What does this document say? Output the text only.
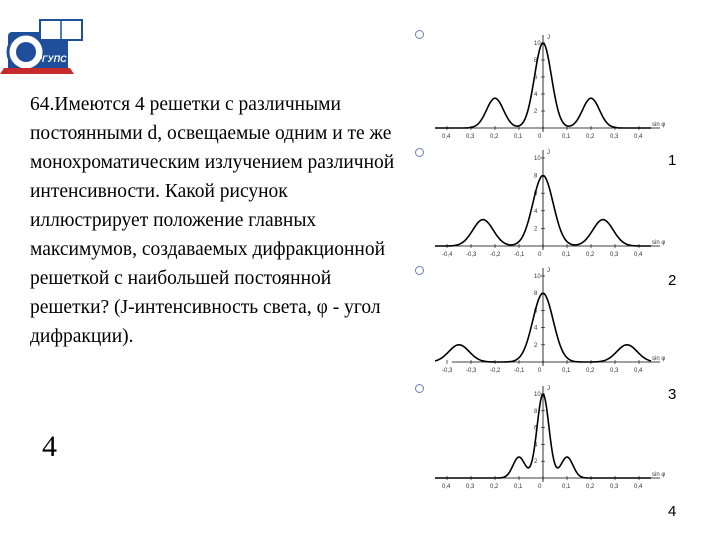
РГУПС
64.Имеются 4 решетки с различными постоянными d, освещаемые одним и те же монохроматическим излучением различной интенсивности. Какой рисунок иллюстрирует положение главных максимумов, создаваемых дифракционной решеткой с наибольшей постоянной решетки? (J-интенсивность света, φ - угол дифракции).
4
1
2
3
4
J
sin φ
10
8
6
4
2
0,4	0,3	0,2	0,1	0	0,1	0,2	0,3	0,4
J
sin φ
10
8
6
4
2
-0,4 -0,3 -0,2 -0,1 0	0,1	0,2	0,3	0,4
J
sin φ
10
8
6
4
2
-0,3 -0,3 -0,2 -0,1 0	0,1	0,2	0,3	0,4
J
sin φ
10
8
6
4
2
0,4	0,3	0,2	0,1	0	0,1	0,2	0,3	0,4
